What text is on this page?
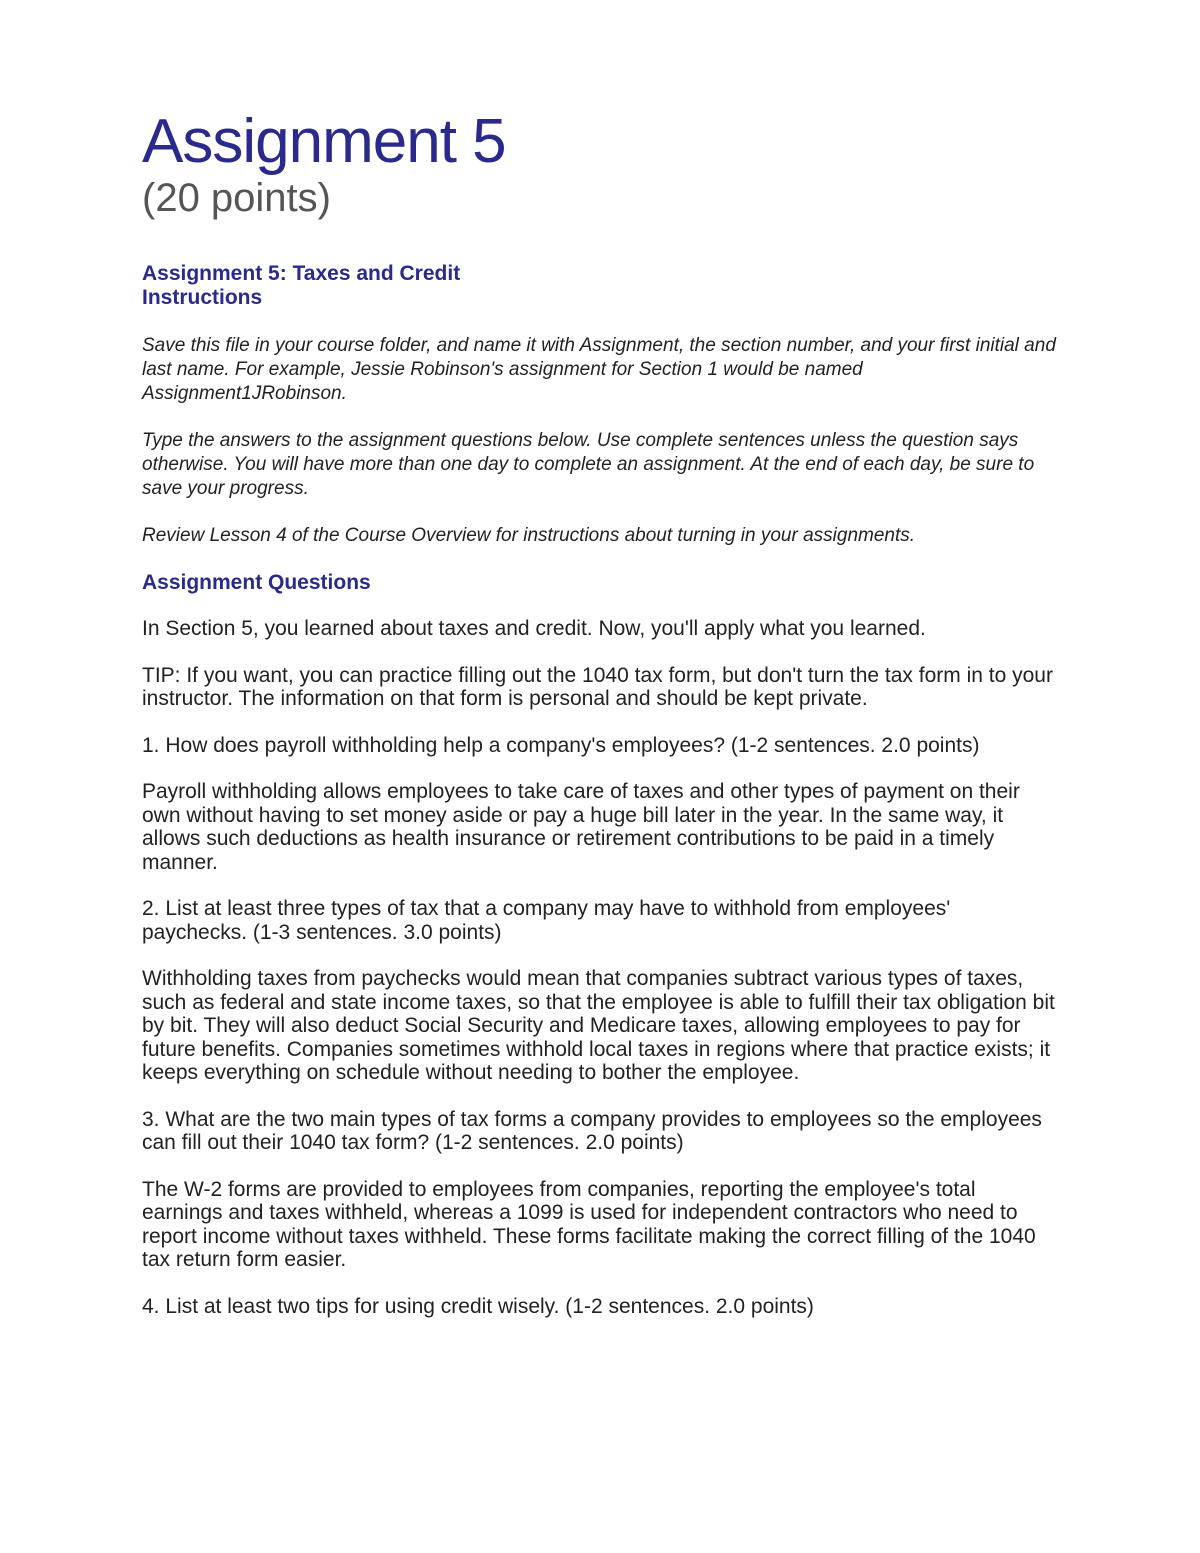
Assignment 5
(20 points)
Assignment 5: Taxes and Credit
Instructions

Save this file in your course folder, and name it with Assignment, the section number, and your first initial and last name. For example, Jessie Robinson's assignment for Section 1 would be named Assignment1JRobinson.

Type the answers to the assignment questions below. Use complete sentences unless the question says otherwise. You will have more than one day to complete an assignment. At the end of each day, be sure to save your progress.

Review Lesson 4 of the Course Overview for instructions about turning in your assignments.

Assignment Questions

In Section 5, you learned about taxes and credit. Now, you'll apply what you learned.

TIP: If you want, you can practice filling out the 1040 tax form, but don't turn the tax form in to your instructor. The information on that form is personal and should be kept private.

1. How does payroll withholding help a company's employees? (1-2 sentences. 2.0 points)

Payroll withholding allows employees to take care of taxes and other types of payment on their own without having to set money aside or pay a huge bill later in the year. In the same way, it allows such deductions as health insurance or retirement contributions to be paid in a timely manner.

2. List at least three types of tax that a company may have to withhold from employees' paychecks. (1-3 sentences. 3.0 points)

Withholding taxes from paychecks would mean that companies subtract various types of taxes, such as federal and state income taxes, so that the employee is able to fulfill their tax obligation bit by bit. They will also deduct Social Security and Medicare taxes, allowing employees to pay for future benefits. Companies sometimes withhold local taxes in regions where that practice exists; it keeps everything on schedule without needing to bother the employee.

3. What are the two main types of tax forms a company provides to employees so the employees can fill out their 1040 tax form? (1-2 sentences. 2.0 points)

The W-2 forms are provided to employees from companies, reporting the employee's total earnings and taxes withheld, whereas a 1099 is used for independent contractors who need to report income without taxes withheld. These forms facilitate making the correct filling of the 1040 tax return form easier.

4. List at least two tips for using credit wisely. (1-2 sentences. 2.0 points)
